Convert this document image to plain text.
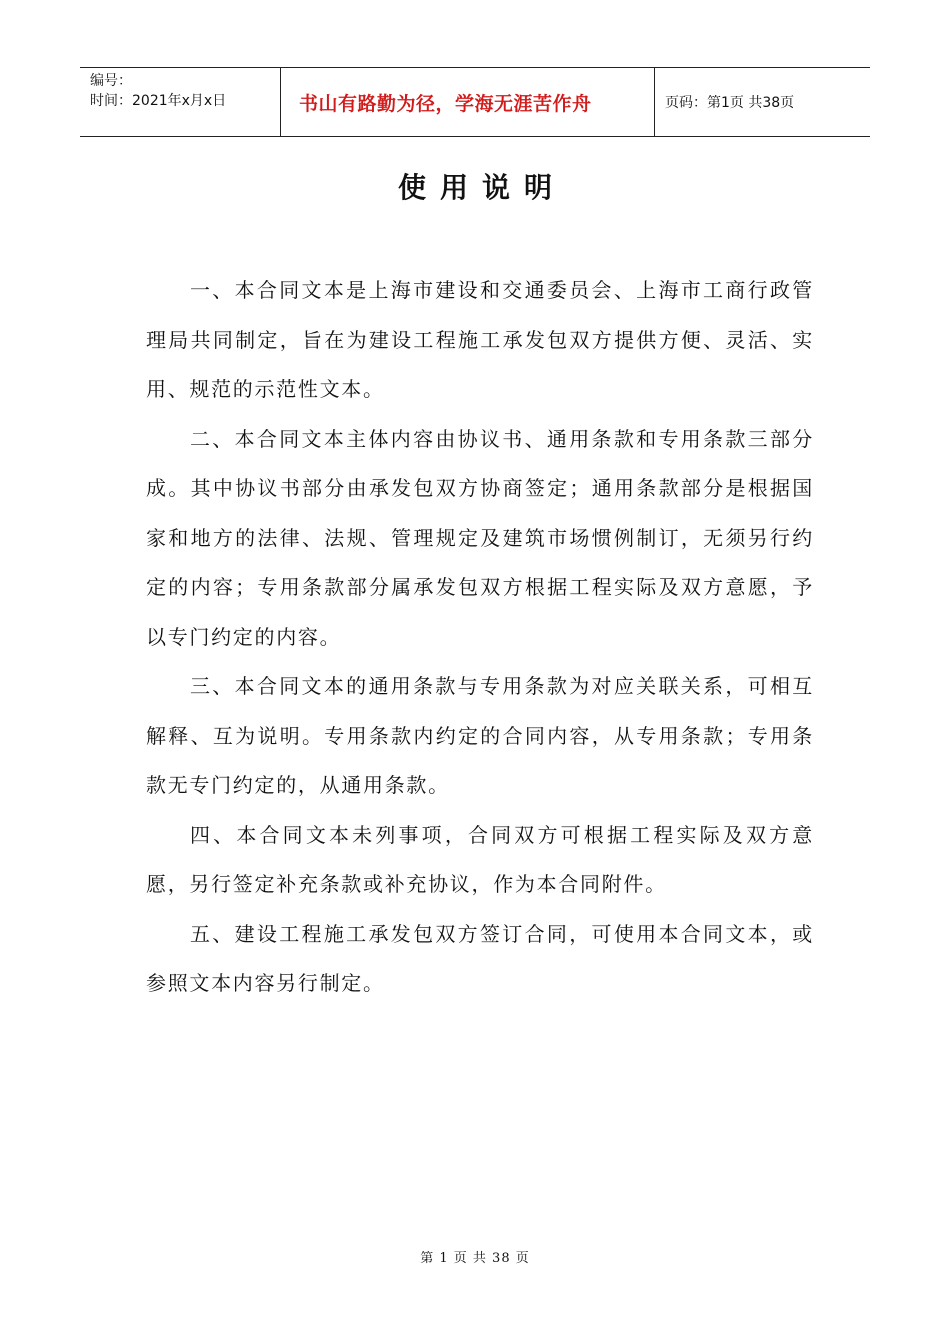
编号：
时间：2021年x月x日	书山有路勤为径，学海无涯苦作舟	页码：第1页 共38页
使用说明

一、本合同文本是上海市建设和交通委员会、上海市工商行政管理局共同制定，旨在为建设工程施工承发包双方提供方便、灵活、实用、规范的示范性文本。

二、本合同文本主体内容由协议书、通用条款和专用条款三部分成。其中协议书部分由承发包双方协商签定；通用条款部分是根据国家和地方的法律、法规、管理规定及建筑市场惯例制订，无须另行约定的内容；专用条款部分属承发包双方根据工程实际及双方意愿，予以专门约定的内容。

三、本合同文本的通用条款与专用条款为对应关联关系，可相互解释、互为说明。专用条款内约定的合同内容，从专用条款；专用条款无专门约定的，从通用条款。

四、本合同文本未列事项，合同双方可根据工程实际及双方意愿，另行签定补充条款或补充协议，作为本合同附件。

五、建设工程施工承发包双方签订合同，可使用本合同文本，或参照文本内容另行制定。

第 1 页 共 38 页
